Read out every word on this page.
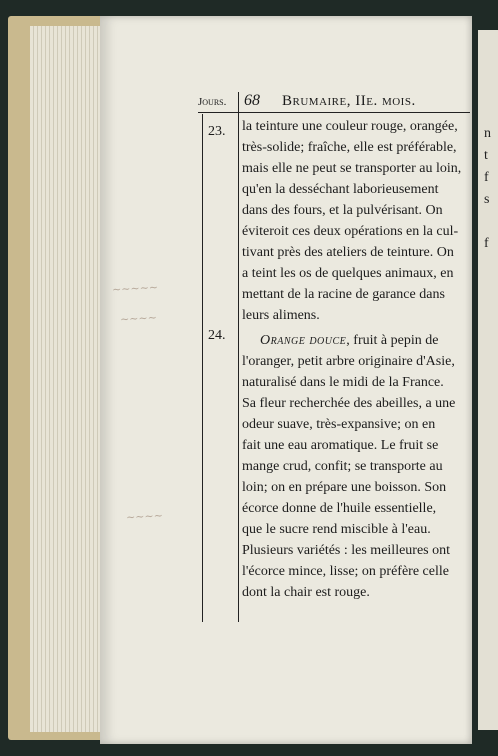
n
t
f
s
f
Jours. 68 Brumaire, IIe. mois.
23. la teinture une couleur rouge, orangée,
très-solide; fraîche, elle est préférable,
mais elle ne peut se transporter au loin,
qu'en la desséchant laborieusement
dans des fours, et la pulvérisant. On
éviteroit ces deux opérations en la cul-
tivant près des ateliers de teinture. On
a teint les os de quelques animaux, en
mettant de la racine de garance dans
leurs alimens.
24.	Orange douce, fruit à pepin de
l'oranger, petit arbre originaire d'Asie,
naturalisé dans le midi de la France.
Sa fleur recherchée des abeilles, a une
odeur suave, très-expansive; on en
fait une eau aromatique. Le fruit se
mange crud, confit; se transporte au
loin; on en prépare une boisson. Son
écorce donne de l'huile essentielle,
que le sucre rend miscible à l'eau.
Plusieurs variétés : les meilleures ont
l'écorce mince, lisse; on préfère celle
dont la chair est rouge.
~~~~~
~~~~
~~~~
